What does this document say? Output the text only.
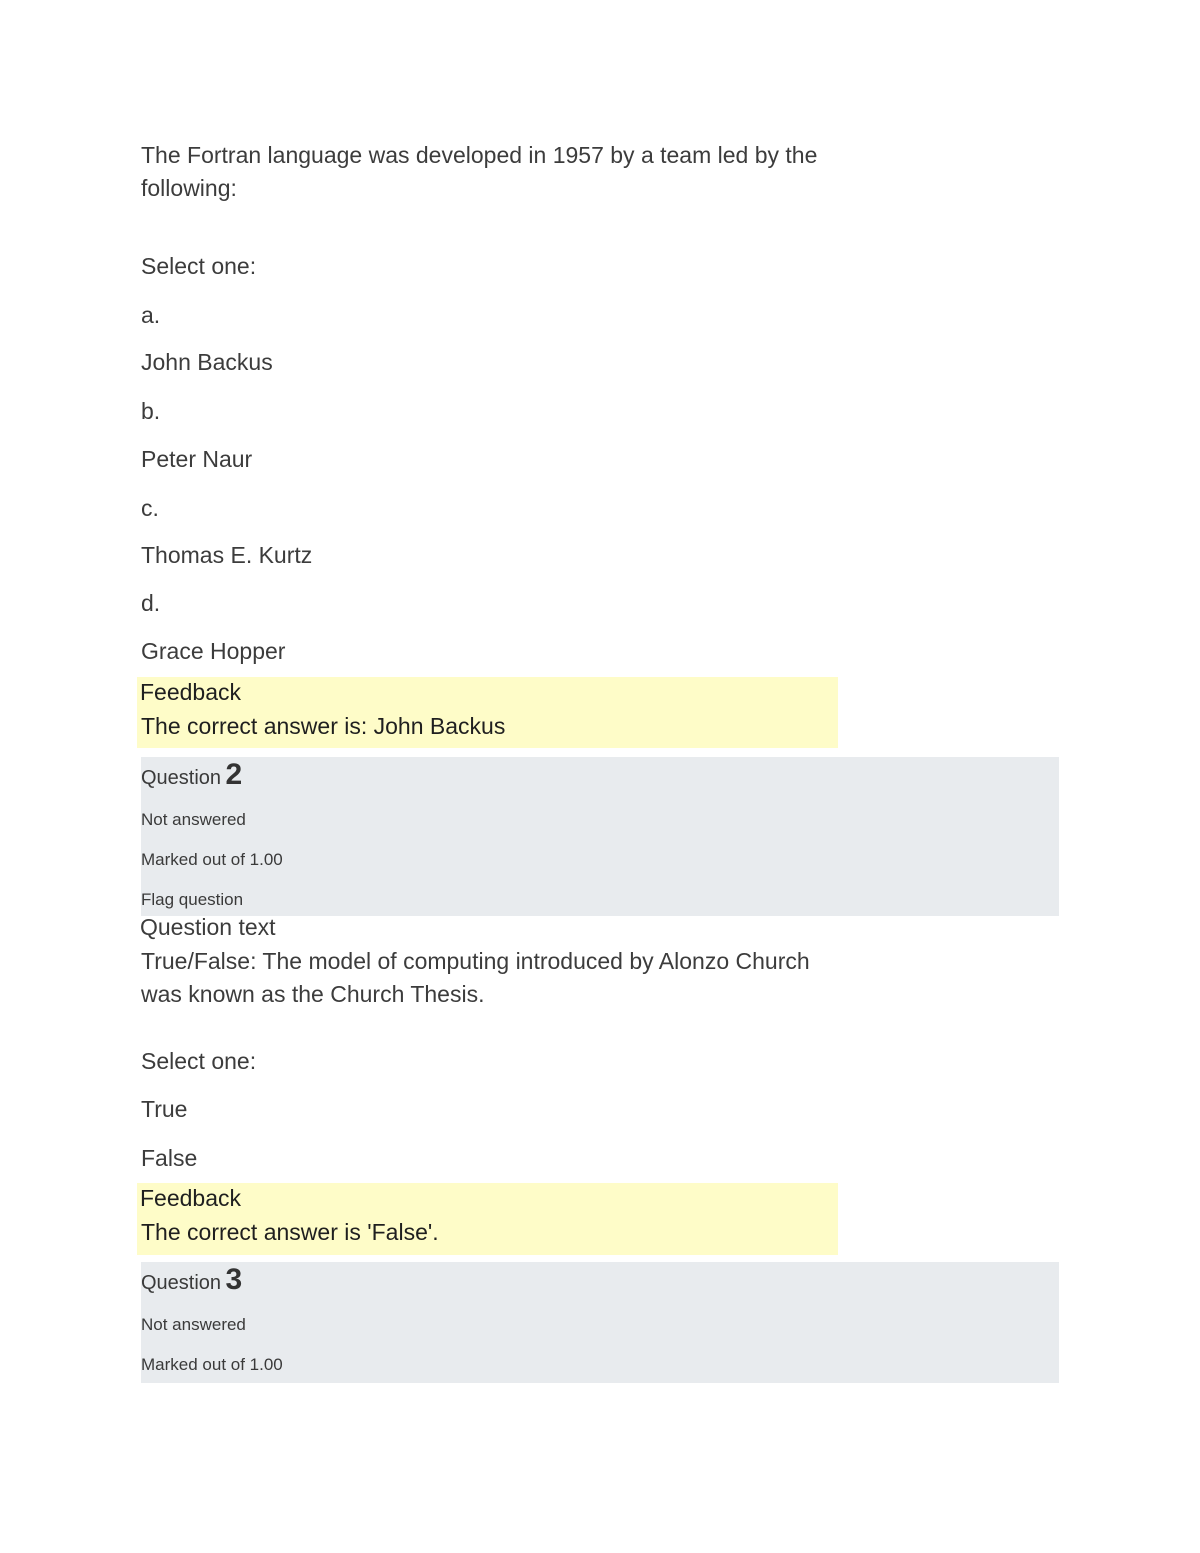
The Fortran language was developed in 1957 by a team led by the following:
Select one:
a.
John Backus
b.
Peter Naur
c.
Thomas E. Kurtz
d.
Grace Hopper
Feedback
The correct answer is: John Backus
Question 2
Not answered
Marked out of 1.00
Flag question
Question text
True/False: The model of computing introduced by Alonzo Church was known as the Church Thesis.
Select one:
True
False
Feedback
The correct answer is 'False'.
Question 3
Not answered
Marked out of 1.00
